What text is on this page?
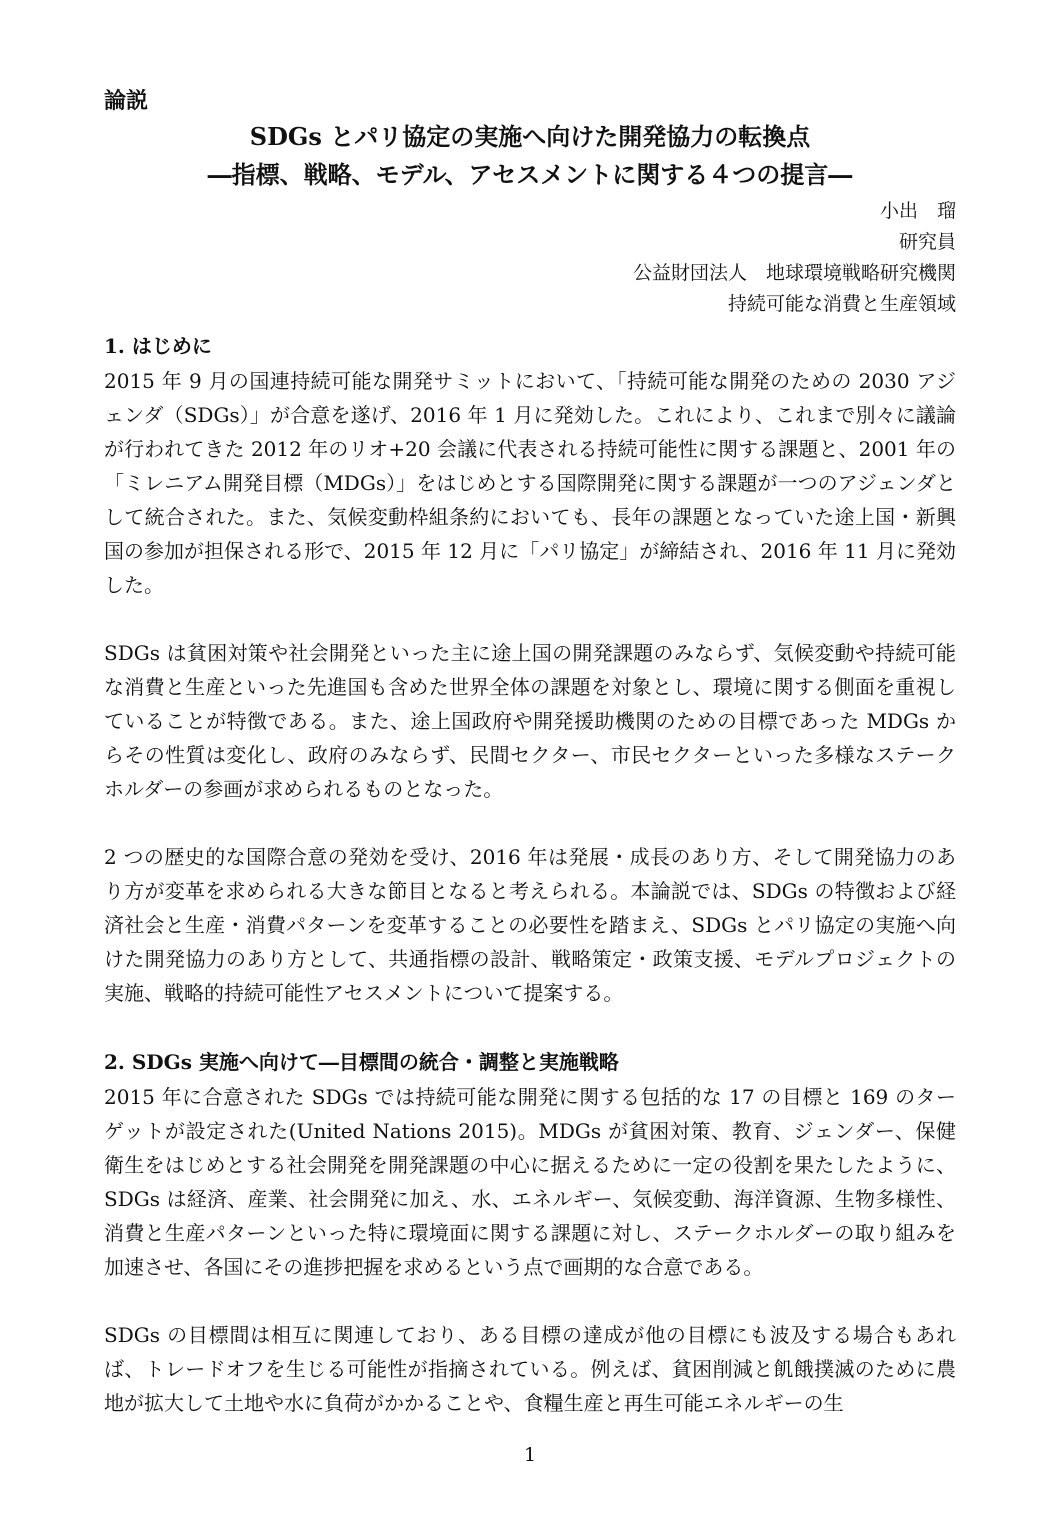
論説
SDGs とパリ協定の実施へ向けた開発協力の転換点
―指標、戦略、モデル、アセスメントに関する４つの提言―
小出　瑠
研究員
公益財団法人　地球環境戦略研究機関
持続可能な消費と生産領域
1. はじめに

2015 年 9 月の国連持続可能な開発サミットにおいて、「持続可能な開発のための 2030 アジェンダ（SDGs）」が合意を遂げ、2016 年 1 月に発効した。これにより、これまで別々に議論が行われてきた 2012 年のリオ+20 会議に代表される持続可能性に関する課題と、2001 年の「ミレニアム開発目標（MDGs）」をはじめとする国際開発に関する課題が一つのアジェンダとして統合された。また、気候変動枠組条約においても、長年の課題となっていた途上国・新興国の参加が担保される形で、2015 年 12 月に「パリ協定」が締結され、2016 年 11 月に発効した。

SDGs は貧困対策や社会開発といった主に途上国の開発課題のみならず、気候変動や持続可能な消費と生産といった先進国も含めた世界全体の課題を対象とし、環境に関する側面を重視していることが特徴である。また、途上国政府や開発援助機関のための目標であった MDGs からその性質は変化し、政府のみならず、民間セクター、市民セクターといった多様なステークホルダーの参画が求められるものとなった。

2 つの歴史的な国際合意の発効を受け、2016 年は発展・成長のあり方、そして開発協力のあり方が変革を求められる大きな節目となると考えられる。本論説では、SDGs の特徴および経済社会と生産・消費パターンを変革することの必要性を踏まえ、SDGs とパリ協定の実施へ向けた開発協力のあり方として、共通指標の設計、戦略策定・政策支援、モデルプロジェクトの実施、戦略的持続可能性アセスメントについて提案する。

2. SDGs 実施へ向けて―目標間の統合・調整と実施戦略

2015 年に合意された SDGs では持続可能な開発に関する包括的な 17 の目標と 169 のターゲットが設定された(United Nations 2015)。MDGs が貧困対策、教育、ジェンダー、保健衛生をはじめとする社会開発を開発課題の中心に据えるために一定の役割を果たしたように、SDGs は経済、産業、社会開発に加え、水、エネルギー、気候変動、海洋資源、生物多様性、消費と生産パターンといった特に環境面に関する課題に対し、ステークホルダーの取り組みを加速させ、各国にその進捗把握を求めるという点で画期的な合意である。

SDGs の目標間は相互に関連しており、ある目標の達成が他の目標にも波及する場合もあれば、トレードオフを生じる可能性が指摘されている。例えば、貧困削減と飢餓撲滅のために農地が拡大して土地や水に負荷がかかることや、食糧生産と再生可能エネルギーの生

1
